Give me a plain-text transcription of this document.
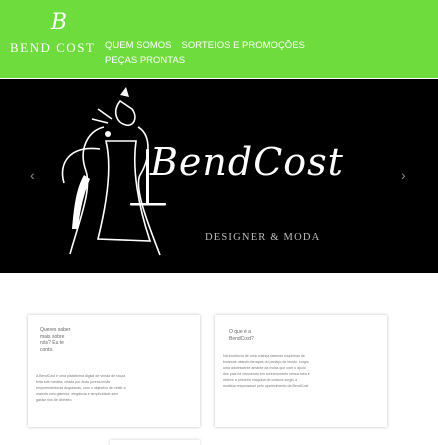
B
BEND COST	QUEM SOMOS SORTEIOS E PROMOÇÕES
PEÇAS PRONTAS
‹	›
BendCost
DESIGNER & MODA
Queres saber
mais sobre
nós? Eu te
conto.
A BendCost é uma plataforma digital de venda de roupa
feita sob medida, criada por duas jovens irmãs
empreendedoras Angolanas, com o objectivo de vestir a
maioria com glamour, elegância e simplicidade sem
gastar rios de dinheiro.
O que é a
BendCost?
Na inocência de uma criança fazendo roupinhas de
bonecas usando farrapos ou pedaço de tecido, surgio
uma adolescente amante da moda que com o apoio
dos pais foi crescendo em conhecimento nessa área e
obteve a primeira maquina de costura surgio a
modista responsavel pelo aparecimento da BendCost
